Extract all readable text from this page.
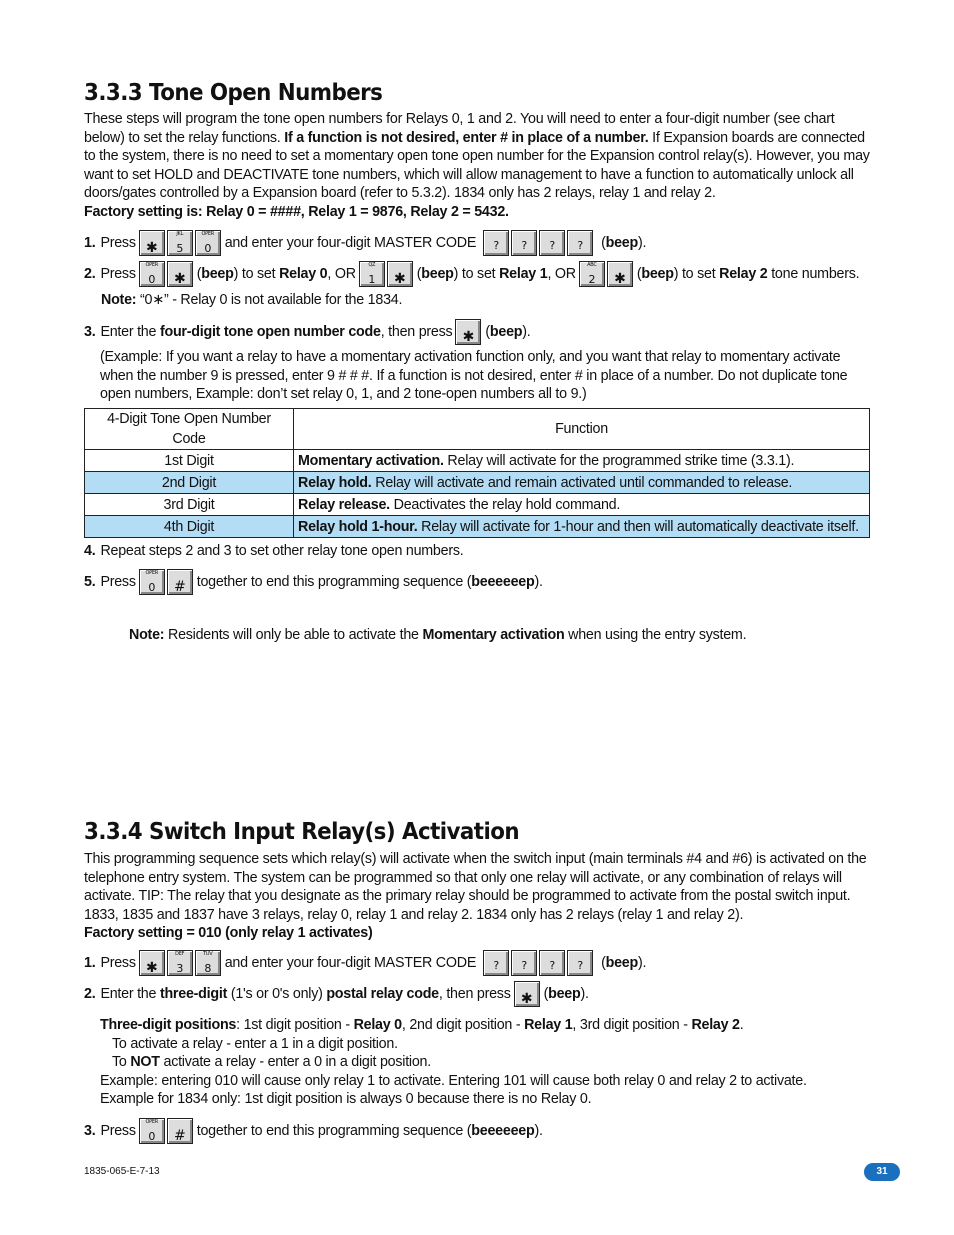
3.3.3 Tone Open Numbers
These steps will program the tone open numbers for Relays 0, 1 and 2. You will need to enter a four-digit number (see chart below) to set the relay functions. If a function is not desired, enter # in place of a number. If Expansion boards are connected to the system, there is no need to set a momentary open tone open number for the Expansion control relay(s). However, you may want to set HOLD and DEACTIVATE tone numbers, which will allow management to have a function to automatically unlock all doors/gates controlled by a Expansion board (refer to 5.3.2). 1834 only has 2 relays, relay 1 and relay 2.
Factory setting is: Relay 0 = ####, Relay 1 = 9876, Relay 2 = 5432.
1. Press ✱
JKL
5
OPER
0 and enter your four-digit MASTER CODE	?	?	?	?	(beep).
2. Press
OPER
0	✱ (beep) to set Relay 0, OR
QZ
1	✱ (beep) to set Relay 1, OR
ABC
2	✱ (beep) to set Relay 2 tone numbers.
Note:
“0∗” - Relay 0 is not available for the 1834.
3. Enter the
four-digit tone open number code , then press ✱ (beep).
(Example: If you want a relay to have a momentary activation function only, and you want that relay to momentary activate when the number 9 is pressed, enter 9 # # #. If a function is not desired, enter # in place of a number. Do not duplicate tone open numbers, Example: don’t set relay 0, 1, and 2 tone-open numbers all to 9.)
4-Digit Tone Open Number Code	Function
1st Digit	Momentary activation. Relay will activate for the programmed strike time (3.3.1).
2nd Digit	Relay hold. Relay will activate and remain activated until commanded to release.
3rd Digit	Relay release. Deactivates the relay hold command.
4th Digit	Relay hold 1-hour. Relay will activate for 1-hour and then will automatically deactivate itself.
4. Repeat steps 2 and 3 to set other relay tone open numbers.
5. Press
OPER
0	# together to end this programming sequence ( beeeeeep ).
Note: Residents will only be able to activate the Momentary activation when using the entry system.
3.3.4 Switch Input Relay(s) Activation
This programming sequence sets which relay(s) will activate when the switch input (main terminals #4 and #6) is activated on the telephone entry system. The system can be programmed so that only one relay will activate, or any combination of relays will activate. TIP: The relay that you designate as the primary relay should be programmed to activate from the postal switch input. 1833, 1835 and 1837 have 3 relays, relay 0, relay 1 and relay 2. 1834 only has 2 relays (relay 1 and relay 2).
Factory setting = 010 (only relay 1 activates)
1. Press ✱
DEF
3
TUV
8 and enter your four-digit MASTER CODE	?	?	?	?	(beep).
2. Enter the three-digit (1's or 0's only) postal relay code , then press ✱ (beep).
Three-digit positions: 1st digit position - Relay 0, 2nd digit position - Relay 1, 3rd digit position - Relay 2.
To activate a relay - enter a 1 in a digit position.
To NOT activate a relay - enter a 0 in a digit position.
Example: entering 010 will cause only relay 1 to activate. Entering 101 will cause both relay 0 and relay 2 to activate.
Example for 1834 only: 1st digit position is always 0 because there is no Relay 0.
3. Press
OPER
0	# together to end this programming sequence ( beeeeeep ).
1835-065-E-7-13	31
